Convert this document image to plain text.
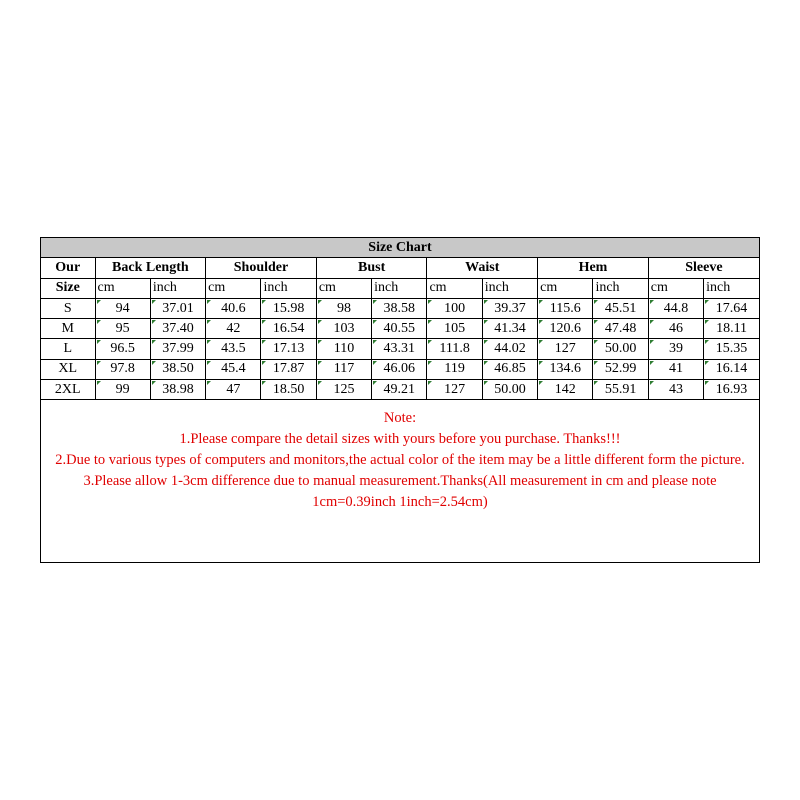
Size Chart												
Our	Back Length		Shoulder		Bust		Waist		Hem		Sleeve	
Size	cm	inch	cm	inch	cm	inch	cm	inch	cm	inch	cm	inch
S	94	37.01	40.6	15.98	98	38.58	100	39.37	115.6	45.51	44.8	17.64
M	95	37.40	42	16.54	103	40.55	105	41.34	120.6	47.48	46	18.11
L	96.5	37.99	43.5	17.13	110	43.31	111.8	44.02	127	50.00	39	15.35
XL	97.8	38.50	45.4	17.87	117	46.06	119	46.85	134.6	52.99	41	16.14
2XL	99	38.98	47	18.50	125	49.21	127	50.00	142	55.91	43	16.93
Note:
1.Please compare the detail sizes with yours before you purchase. Thanks!!!
2.Due to various types of computers and monitors,the actual color of the item may be a little different form the picture.
3.Please allow 1-3cm difference due to manual measurement.Thanks(All measurement in cm and please note 1cm=0.39inch 1inch=2.54cm)
